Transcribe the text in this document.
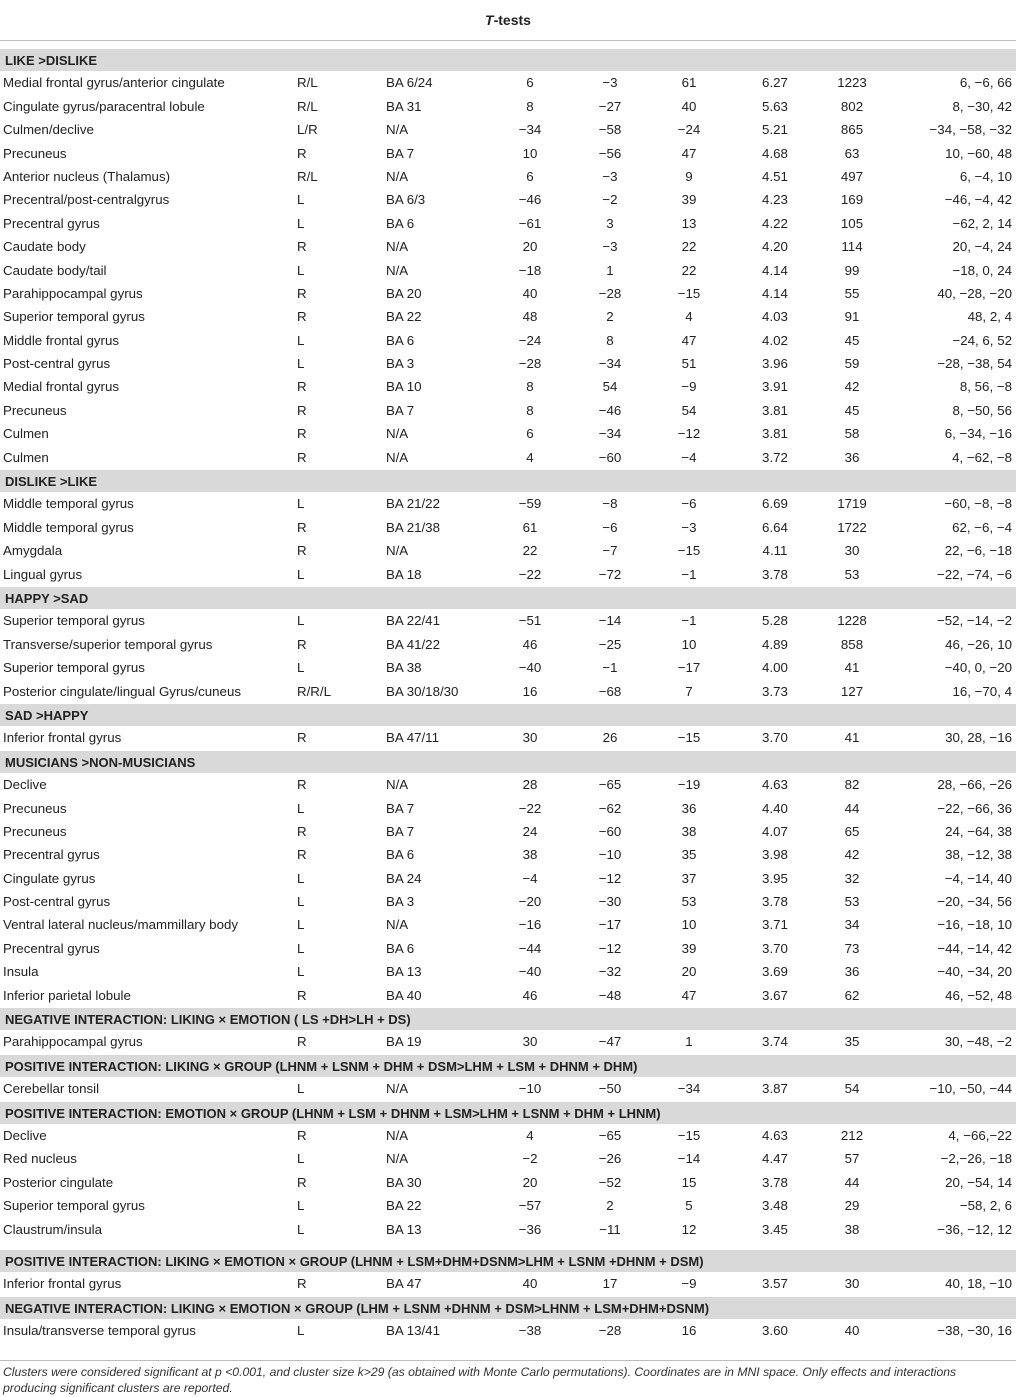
T -tests
LIKE >DISLIKE
Medial frontal gyrus/anterior cingulate	R/L	BA 6/24	6	−3	61	6.27	1223	6, −6, 66
Cingulate gyrus/paracentral lobule	R/L	BA 31	8	−27	40	5.63	802	8, −30, 42
Culmen/declive	L/R	N/A	−34	−58	−24	5.21	865	−34, −58, −32
Precuneus	R	BA 7	10	−56	47	4.68	63	10, −60, 48
Anterior nucleus (Thalamus)	R/L	N/A	6	−3	9	4.51	497	6, −4, 10
Precentral/post-centralgyrus	L	BA 6/3	−46	−2	39	4.23	169	−46, −4, 42
Precentral gyrus	L	BA 6	−61	3	13	4.22	105	−62, 2, 14
Caudate body	R	N/A	20	−3	22	4.20	114	20, −4, 24
Caudate body/tail	L	N/A	−18	1	22	4.14	99	−18, 0, 24
Parahippocampal gyrus	R	BA 20	40	−28	−15	4.14	55	40, −28, −20
Superior temporal gyrus	R	BA 22	48	2	4	4.03	91	48, 2, 4
Middle frontal gyrus	L	BA 6	−24	8	47	4.02	45	−24, 6, 52
Post-central gyrus	L	BA 3	−28	−34	51	3.96	59	−28, −38, 54
Medial frontal gyrus	R	BA 10	8	54	−9	3.91	42	8, 56, −8
Precuneus	R	BA 7	8	−46	54	3.81	45	8, −50, 56
Culmen	R	N/A	6	−34	−12	3.81	58	6, −34, −16
Culmen	R	N/A	4	−60	−4	3.72	36	4, −62, −8
DISLIKE >LIKE
Middle temporal gyrus	L	BA 21/22	−59	−8	−6	6.69	1719	−60, −8, −8
Middle temporal gyrus	R	BA 21/38	61	−6	−3	6.64	1722	62, −6, −4
Amygdala	R	N/A	22	−7	−15	4.11	30	22, −6, −18
Lingual gyrus	L	BA 18	−22	−72	−1	3.78	53	−22, −74, −6
HAPPY >SAD
Superior temporal gyrus	L	BA 22/41	−51	−14	−1	5.28	1228	−52, −14, −2
Transverse/superior temporal gyrus	R	BA 41/22	46	−25	10	4.89	858	46, −26, 10
Superior temporal gyrus	L	BA 38	−40	−1	−17	4.00	41	−40, 0, −20
Posterior cingulate/lingual Gyrus/cuneus	R/R/L	BA 30/18/30	16	−68	7	3.73	127	16, −70, 4
SAD >HAPPY
Inferior frontal gyrus	R	BA 47/11	30	26	−15	3.70	41	30, 28, −16
MUSICIANS >NON-MUSICIANS
Declive	R	N/A	28	−65	−19	4.63	82	28, −66, −26
Precuneus	L	BA 7	−22	−62	36	4.40	44	−22, −66, 36
Precuneus	R	BA 7	24	−60	38	4.07	65	24, −64, 38
Precentral gyrus	R	BA 6	38	−10	35	3.98	42	38, −12, 38
Cingulate gyrus	L	BA 24	−4	−12	37	3.95	32	−4, −14, 40
Post-central gyrus	L	BA 3	−20	−30	53	3.78	53	−20, −34, 56
Ventral lateral nucleus/mammillary body	L	N/A	−16	−17	10	3.71	34	−16, −18, 10
Precentral gyrus	L	BA 6	−44	−12	39	3.70	73	−44, −14, 42
Insula	L	BA 13	−40	−32	20	3.69	36	−40, −34, 20
Inferior parietal lobule	R	BA 40	46	−48	47	3.67	62	46, −52, 48
NEGATIVE INTERACTION: LIKING × EMOTION ( LS +DH>LH + DS)
Parahippocampal gyrus	R	BA 19	30	−47	1	3.74	35	30, −48, −2
POSITIVE INTERACTION: LIKING × GROUP (LHNM + LSNM + DHM + DSM>LHM + LSM + DHNM + DHM)
Cerebellar tonsil	L	N/A	−10	−50	−34	3.87	54	−10, −50, −44
POSITIVE INTERACTION: EMOTION × GROUP (LHNM + LSM + DHNM + LSM>LHM + LSNM + DHM + LHNM)
Declive	R	N/A	4	−65	−15	4.63	212	4, −66,−22
Red nucleus	L	N/A	−2	−26	−14	4.47	57	−2,−26, −18
Posterior cingulate	R	BA 30	20	−52	15	3.78	44	20, −54, 14
Superior temporal gyrus	L	BA 22	−57	2	5	3.48	29	−58, 2, 6
Claustrum/insula	L	BA 13	−36	−11	12	3.45	38	−36, −12, 12
POSITIVE INTERACTION: LIKING × EMOTION × GROUP (LHNM + LSM+DHM+DSNM>LHM + LSNM +DHNM + DSM)
Inferior frontal gyrus	R	BA 47	40	17	−9	3.57	30	40, 18, −10
NEGATIVE INTERACTION: LIKING × EMOTION × GROUP (LHM + LSNM +DHNM + DSM>LHNM + LSM+DHM+DSNM)
Insula/transverse temporal gyrus	L	BA 13/41	−38	−28	16	3.60	40	−38, −30, 16
Clusters were considered significant at p <0.001, and cluster size k>29 (as obtained with Monte Carlo permutations). Coordinates are in MNI space. Only effects and interactions producing significant clusters are reported.
